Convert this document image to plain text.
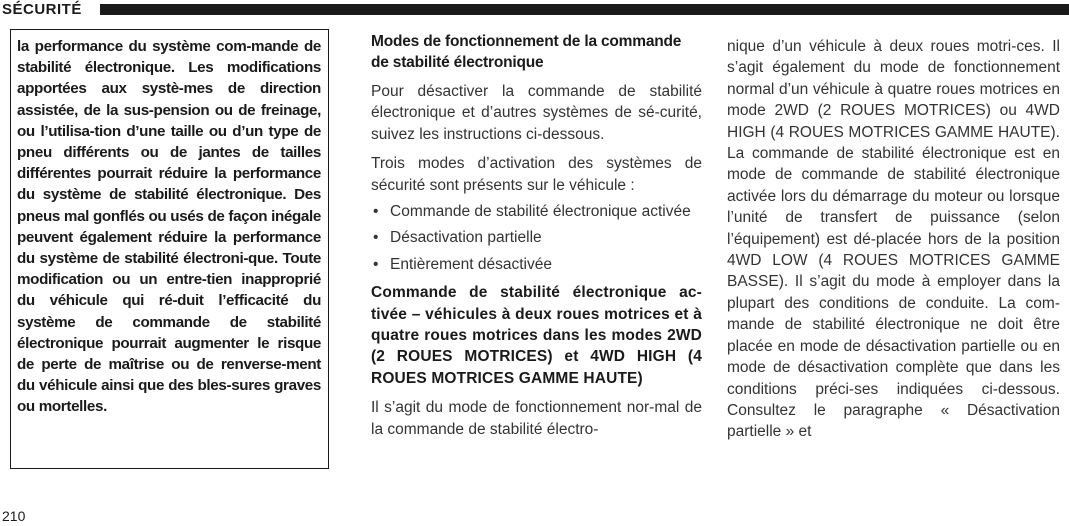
SÉCURITÉ
la performance du système com-mande de stabilité électronique. Les modifications apportées aux systè-mes de direction assistée, de la sus-pension ou de freinage, ou l’utilisa-tion d’une taille ou d’un type de pneu différents ou de jantes de tailles différentes pourrait réduire la performance du système de stabilité électronique. Des pneus mal gonflés ou usés de façon inégale peuvent également réduire la performance du système de stabilité électroni-que. Toute modification ou un entre-tien inapproprié du véhicule qui ré-duit l’efficacité du système de commande de stabilité électronique pourrait augmenter le risque de perte de maîtrise ou de renverse-ment du véhicule ainsi que des bles-sures graves ou mortelles.

Modes de fonctionnement de la commande de stabilité électronique

Pour désactiver la commande de stabilité électronique et d’autres systèmes de sé-curité, suivez les instructions ci-dessous.

Trois modes d’activation des systèmes de sécurité sont présents sur le véhicule :

• Commande de stabilité électronique activée
• Désactivation partielle
• Entièrement désactivée

Commande de stabilité électronique ac-tivée – véhicules à deux roues motrices et à quatre roues motrices dans les modes 2WD (2 ROUES MOTRICES) et 4WD HIGH (4 ROUES MOTRICES GAMME HAUTE)

Il s’agit du mode de fonctionnement nor-mal de la commande de stabilité électro-

nique d’un véhicule à deux roues motri-ces. Il s’agit également du mode de fonctionnement normal d’un véhicule à quatre roues motrices en mode 2WD (2 ROUES MOTRICES) ou 4WD HIGH (4 ROUES MOTRICES GAMME HAUTE). La commande de stabilité électronique est en mode de commande de stabilité électronique activée lors du démarrage du moteur ou lorsque l’unité de transfert de puissance (selon l’équipement) est dé-placée hors de la position 4WD LOW (4 ROUES MOTRICES GAMME BASSE). Il s’agit du mode à employer dans la plupart des conditions de conduite. La com-mande de stabilité électronique ne doit être placée en mode de désactivation partielle ou en mode de désactivation complète que dans les conditions préci-ses indiquées ci-dessous. Consultez le paragraphe « Désactivation partielle » et
210
